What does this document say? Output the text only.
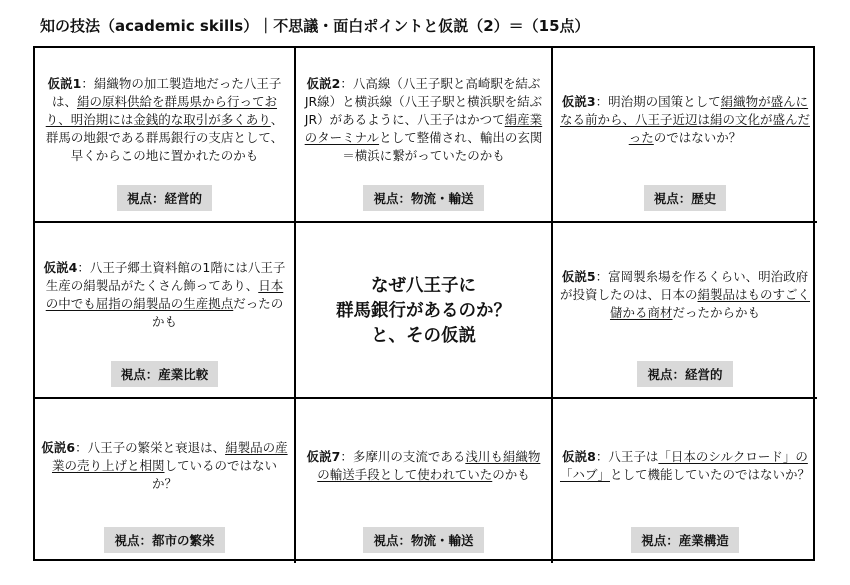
知の技法（academic skills）｜不思議・面白ポイントと仮説（2）＝（15点）
仮説1：絹織物の加工製造地だった八王子は、絹の原料供給を群馬県から行っており、明治期には金銭的な取引が多くあり、群馬の地銀である群馬銀行の支店として、早くからこの地に置かれたのかも
視点：経営的
仮説2：八高線（八王子駅と高崎駅を結ぶJR線）と横浜線（八王子駅と横浜駅を結ぶJR）があるように、八王子はかつて絹産業のターミナルとして整備され、輸出の玄関＝横浜に繋がっていたのかも
視点：物流・輸送
仮説3：明治期の国策として絹織物が盛んになる前から、八王子近辺は絹の文化が盛んだったのではないか？
視点：歴史
仮説4：八王子郷土資料館の1階には八王子生産の絹製品がたくさん飾ってあり、日本の中でも屈指の絹製品の生産拠点だったのかも
視点：産業比較
なぜ八王子に
群馬銀行があるのか？
と、その仮説
仮説5：富岡製糸場を作るくらい、明治政府が投資したのは、日本の絹製品はものすごく儲かる商材だったからかも
視点：経営的
仮説6：八王子の繁栄と衰退は、絹製品の産業の売り上げと相関しているのではないか？
視点：都市の繁栄
仮説7：多摩川の支流である浅川も絹織物の輸送手段として使われていたのかも
視点：物流・輸送
仮説8：八王子は「日本のシルクロード」の「ハブ」として機能していたのではないか？
視点：産業構造
